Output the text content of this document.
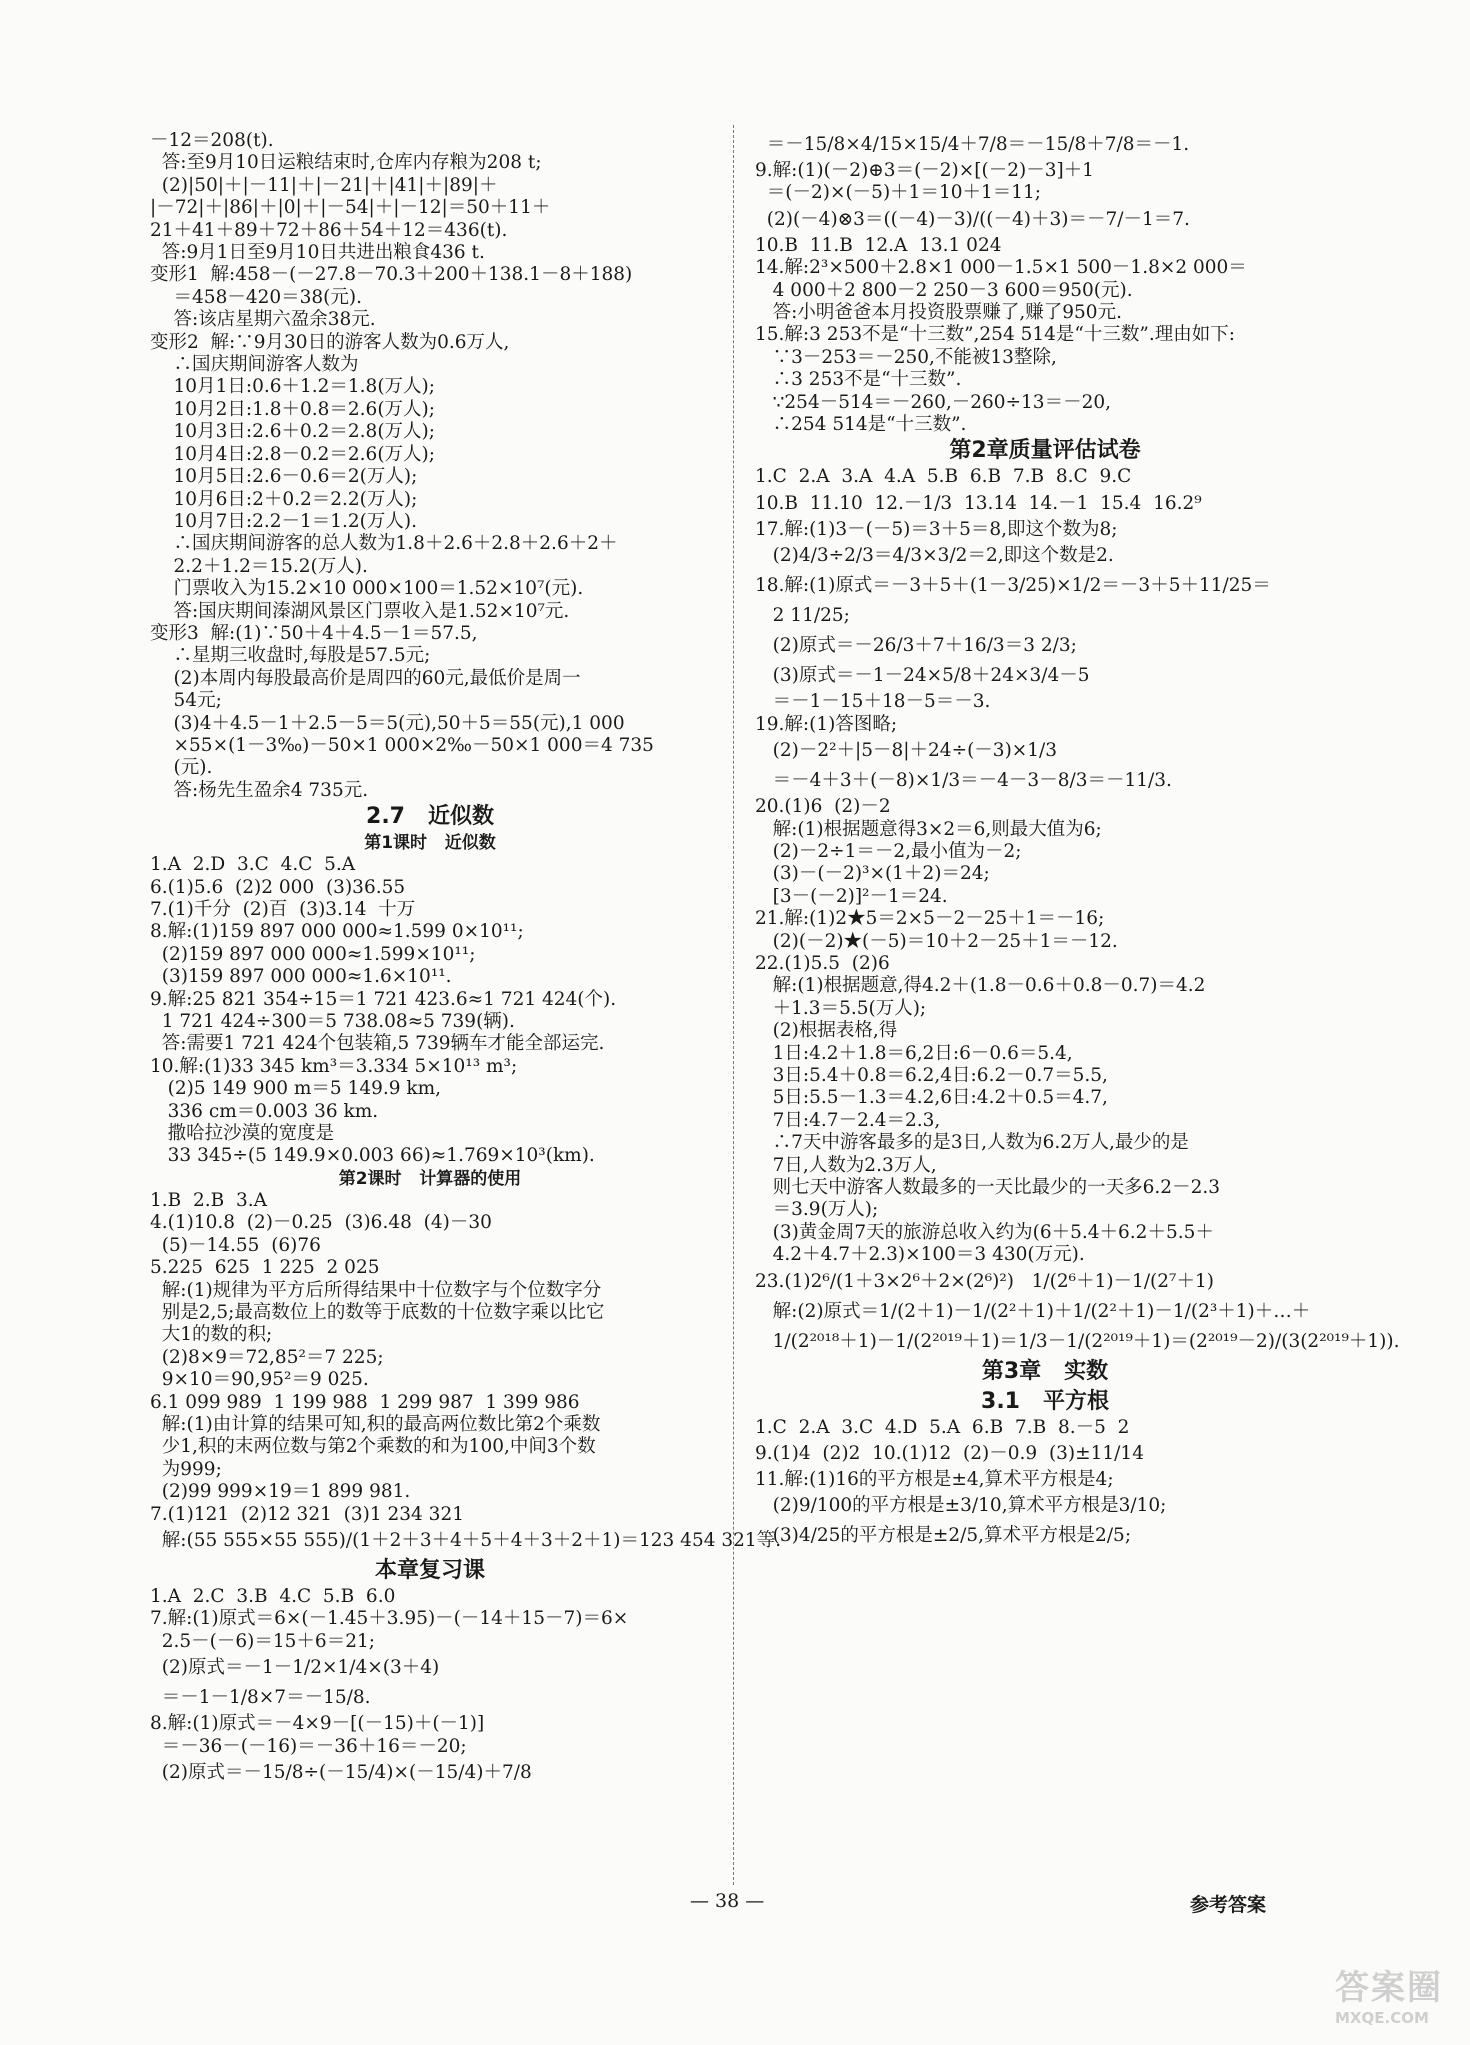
－12＝208(t).
答:至9月10日运粮结束时,仓库内存粮为208 t;
(2)|50|＋|－11|＋|－21|＋|41|＋|89|＋
|－72|＋|86|＋|0|＋|－54|＋|－12|＝50＋11＋
21＋41＋89＋72＋86＋54＋12＝436(t).
答:9月1日至9月10日共进出粮食436 t.
变形1  解:458－(－27.8－70.3＋200＋138.1－8＋188)
＝458－420＝38(元).
答:该店星期六盈余38元.
变形2  解:∵9月30日的游客人数为0.6万人,
∴国庆期间游客人数为
10月1日:0.6＋1.2＝1.8(万人);
10月2日:1.8＋0.8＝2.6(万人);
10月3日:2.6＋0.2＝2.8(万人);
10月4日:2.8－0.2＝2.6(万人);
10月5日:2.6－0.6＝2(万人);
10月6日:2＋0.2＝2.2(万人);
10月7日:2.2－1＝1.2(万人).
∴国庆期间游客的总人数为1.8＋2.6＋2.8＋2.6＋2＋
2.2＋1.2＝15.2(万人).
门票收入为15.2×10 000×100＝1.52×10⁷(元).
答:国庆期间溱湖风景区门票收入是1.52×10⁷元.
变形3  解:(1)∵50＋4＋4.5－1＝57.5,
∴星期三收盘时,每股是57.5元;
(2)本周内每股最高价是周四的60元,最低价是周一
54元;
(3)4＋4.5－1＋2.5－5＝5(元),50＋5＝55(元),1 000
×55×(1－3‰)－50×1 000×2‰－50×1 000＝4 735
(元).
答:杨先生盈余4 735元.
2.7   近似数
第1课时   近似数
1.A  2.D  3.C  4.C  5.A
6.(1)5.6  (2)2 000  (3)36.55
7.(1)千分  (2)百  (3)3.14  十万
8.解:(1)159 897 000 000≈1.599 0×10¹¹;
(2)159 897 000 000≈1.599×10¹¹;
(3)159 897 000 000≈1.6×10¹¹.
9.解:25 821 354÷15＝1 721 423.6≈1 721 424(个).
1 721 424÷300＝5 738.08≈5 739(辆).
答:需要1 721 424个包装箱,5 739辆车才能全部运完.
10.解:(1)33 345 km³＝3.334 5×10¹³ m³;
(2)5 149 900 m＝5 149.9 km,
336 cm＝0.003 36 km.
撒哈拉沙漠的宽度是
33 345÷(5 149.9×0.003 66)≈1.769×10³(km).
第2课时   计算器的使用
1.B  2.B  3.A
4.(1)10.8  (2)－0.25  (3)6.48  (4)－30
(5)－14.55  (6)76
5.225  625  1 225  2 025
解:(1)规律为平方后所得结果中十位数字与个位数字分
别是2,5;最高数位上的数等于底数的十位数字乘以比它
大1的数的积;
(2)8×9＝72,85²＝7 225;
9×10＝90,95²＝9 025.
6.1 099 989  1 199 988  1 299 987  1 399 986
解:(1)由计算的结果可知,积的最高两位数比第2个乘数
少1,积的末两位数与第2个乘数的和为100,中间3个数
为999;
(2)99 999×19＝1 899 981.
7.(1)121  (2)12 321  (3)1 234 321
解:(55 555×55 555)/(1＋2＋3＋4＋5＋4＋3＋2＋1)＝123 454 321等.
本章复习课
1.A  2.C  3.B  4.C  5.B  6.0
7.解:(1)原式＝6×(－1.45＋3.95)－(－14＋15－7)＝6×
2.5－(－6)＝15＋6＝21;
(2)原式＝－1－1/2×1/4×(3＋4)
＝－1－1/8×7＝－15/8.
8.解:(1)原式＝－4×9－[(－15)＋(－1)]
＝－36－(－16)＝－36＋16＝－20;
(2)原式＝－15/8÷(－15/4)×(－15/4)＋7/8
＝－15/8×4/15×15/4＋7/8＝－15/8＋7/8＝－1.
9.解:(1)(－2)⊕3＝(－2)×[(－2)－3]＋1
＝(－2)×(－5)＋1＝10＋1＝11;
(2)(－4)⊗3＝((－4)－3)/((－4)＋3)＝－7/－1＝7.
10.B  11.B  12.A  13.1 024
14.解:2³×500＋2.8×1 000－1.5×1 500－1.8×2 000＝
4 000＋2 800－2 250－3 600＝950(元).
答:小明爸爸本月投资股票赚了,赚了950元.
15.解:3 253不是“十三数”,254 514是“十三数”.理由如下:
∵3－253＝－250,不能被13整除,
∴3 253不是“十三数”.
∵254－514＝－260,－260÷13＝－20,
∴254 514是“十三数”.
第2章质量评估试卷
1.C  2.A  3.A  4.A  5.B  6.B  7.B  8.C  9.C
10.B  11.10  12.－1/3  13.14  14.－1  15.4  16.2⁹
17.解:(1)3－(－5)＝3＋5＝8,即这个数为8;
(2)4/3÷2/3＝4/3×3/2＝2,即这个数是2.
18.解:(1)原式＝－3＋5＋(1－3/25)×1/2＝－3＋5＋11/25＝
2 11/25;
(2)原式＝－26/3＋7＋16/3＝3 2/3;
(3)原式＝－1－24×5/8＋24×3/4－5
＝－1－15＋18－5＝－3.
19.解:(1)答图略;
(2)－2²＋|5－8|＋24÷(－3)×1/3
＝－4＋3＋(－8)×1/3＝－4－3－8/3＝－11/3.
20.(1)6  (2)－2
解:(1)根据题意得3×2＝6,则最大值为6;
(2)－2÷1＝－2,最小值为－2;
(3)－(－2)³×(1＋2)＝24;
[3－(－2)]²－1＝24.
21.解:(1)2★5＝2×5－2－25＋1＝－16;
(2)(－2)★(－5)＝10＋2－25＋1＝－12.
22.(1)5.5  (2)6
解:(1)根据题意,得4.2＋(1.8－0.6＋0.8－0.7)＝4.2
＋1.3＝5.5(万人);
(2)根据表格,得
1日:4.2＋1.8＝6,2日:6－0.6＝5.4,
3日:5.4＋0.8＝6.2,4日:6.2－0.7＝5.5,
5日:5.5－1.3＝4.2,6日:4.2＋0.5＝4.7,
7日:4.7－2.4＝2.3,
∴7天中游客最多的是3日,人数为6.2万人,最少的是
7日,人数为2.3万人,
则七天中游客人数最多的一天比最少的一天多6.2－2.3
＝3.9(万人);
(3)黄金周7天的旅游总收入约为(6＋5.4＋6.2＋5.5＋
4.2＋4.7＋2.3)×100＝3 430(万元).
23.(1)2⁶/(1＋3×2⁶＋2×(2⁶)²)   1/(2⁶＋1)－1/(2⁷＋1)
解:(2)原式＝1/(2＋1)－1/(2²＋1)＋1/(2²＋1)－1/(2³＋1)＋…＋
1/(2²⁰¹⁸＋1)－1/(2²⁰¹⁹＋1)＝1/3－1/(2²⁰¹⁹＋1)＝(2²⁰¹⁹－2)/(3(2²⁰¹⁹＋1)).
第3章   实数
3.1   平方根
1.C  2.A  3.C  4.D  5.A  6.B  7.B  8.－5  2
9.(1)4  (2)2  10.(1)12  (2)－0.9  (3)±11/14
11.解:(1)16的平方根是±4,算术平方根是4;
(2)9/100的平方根是±3/10,算术平方根是3/10;
(3)4/25的平方根是±2/5,算术平方根是2/5;
— 38 —	参考答案
答案圈
MXQE.COM
